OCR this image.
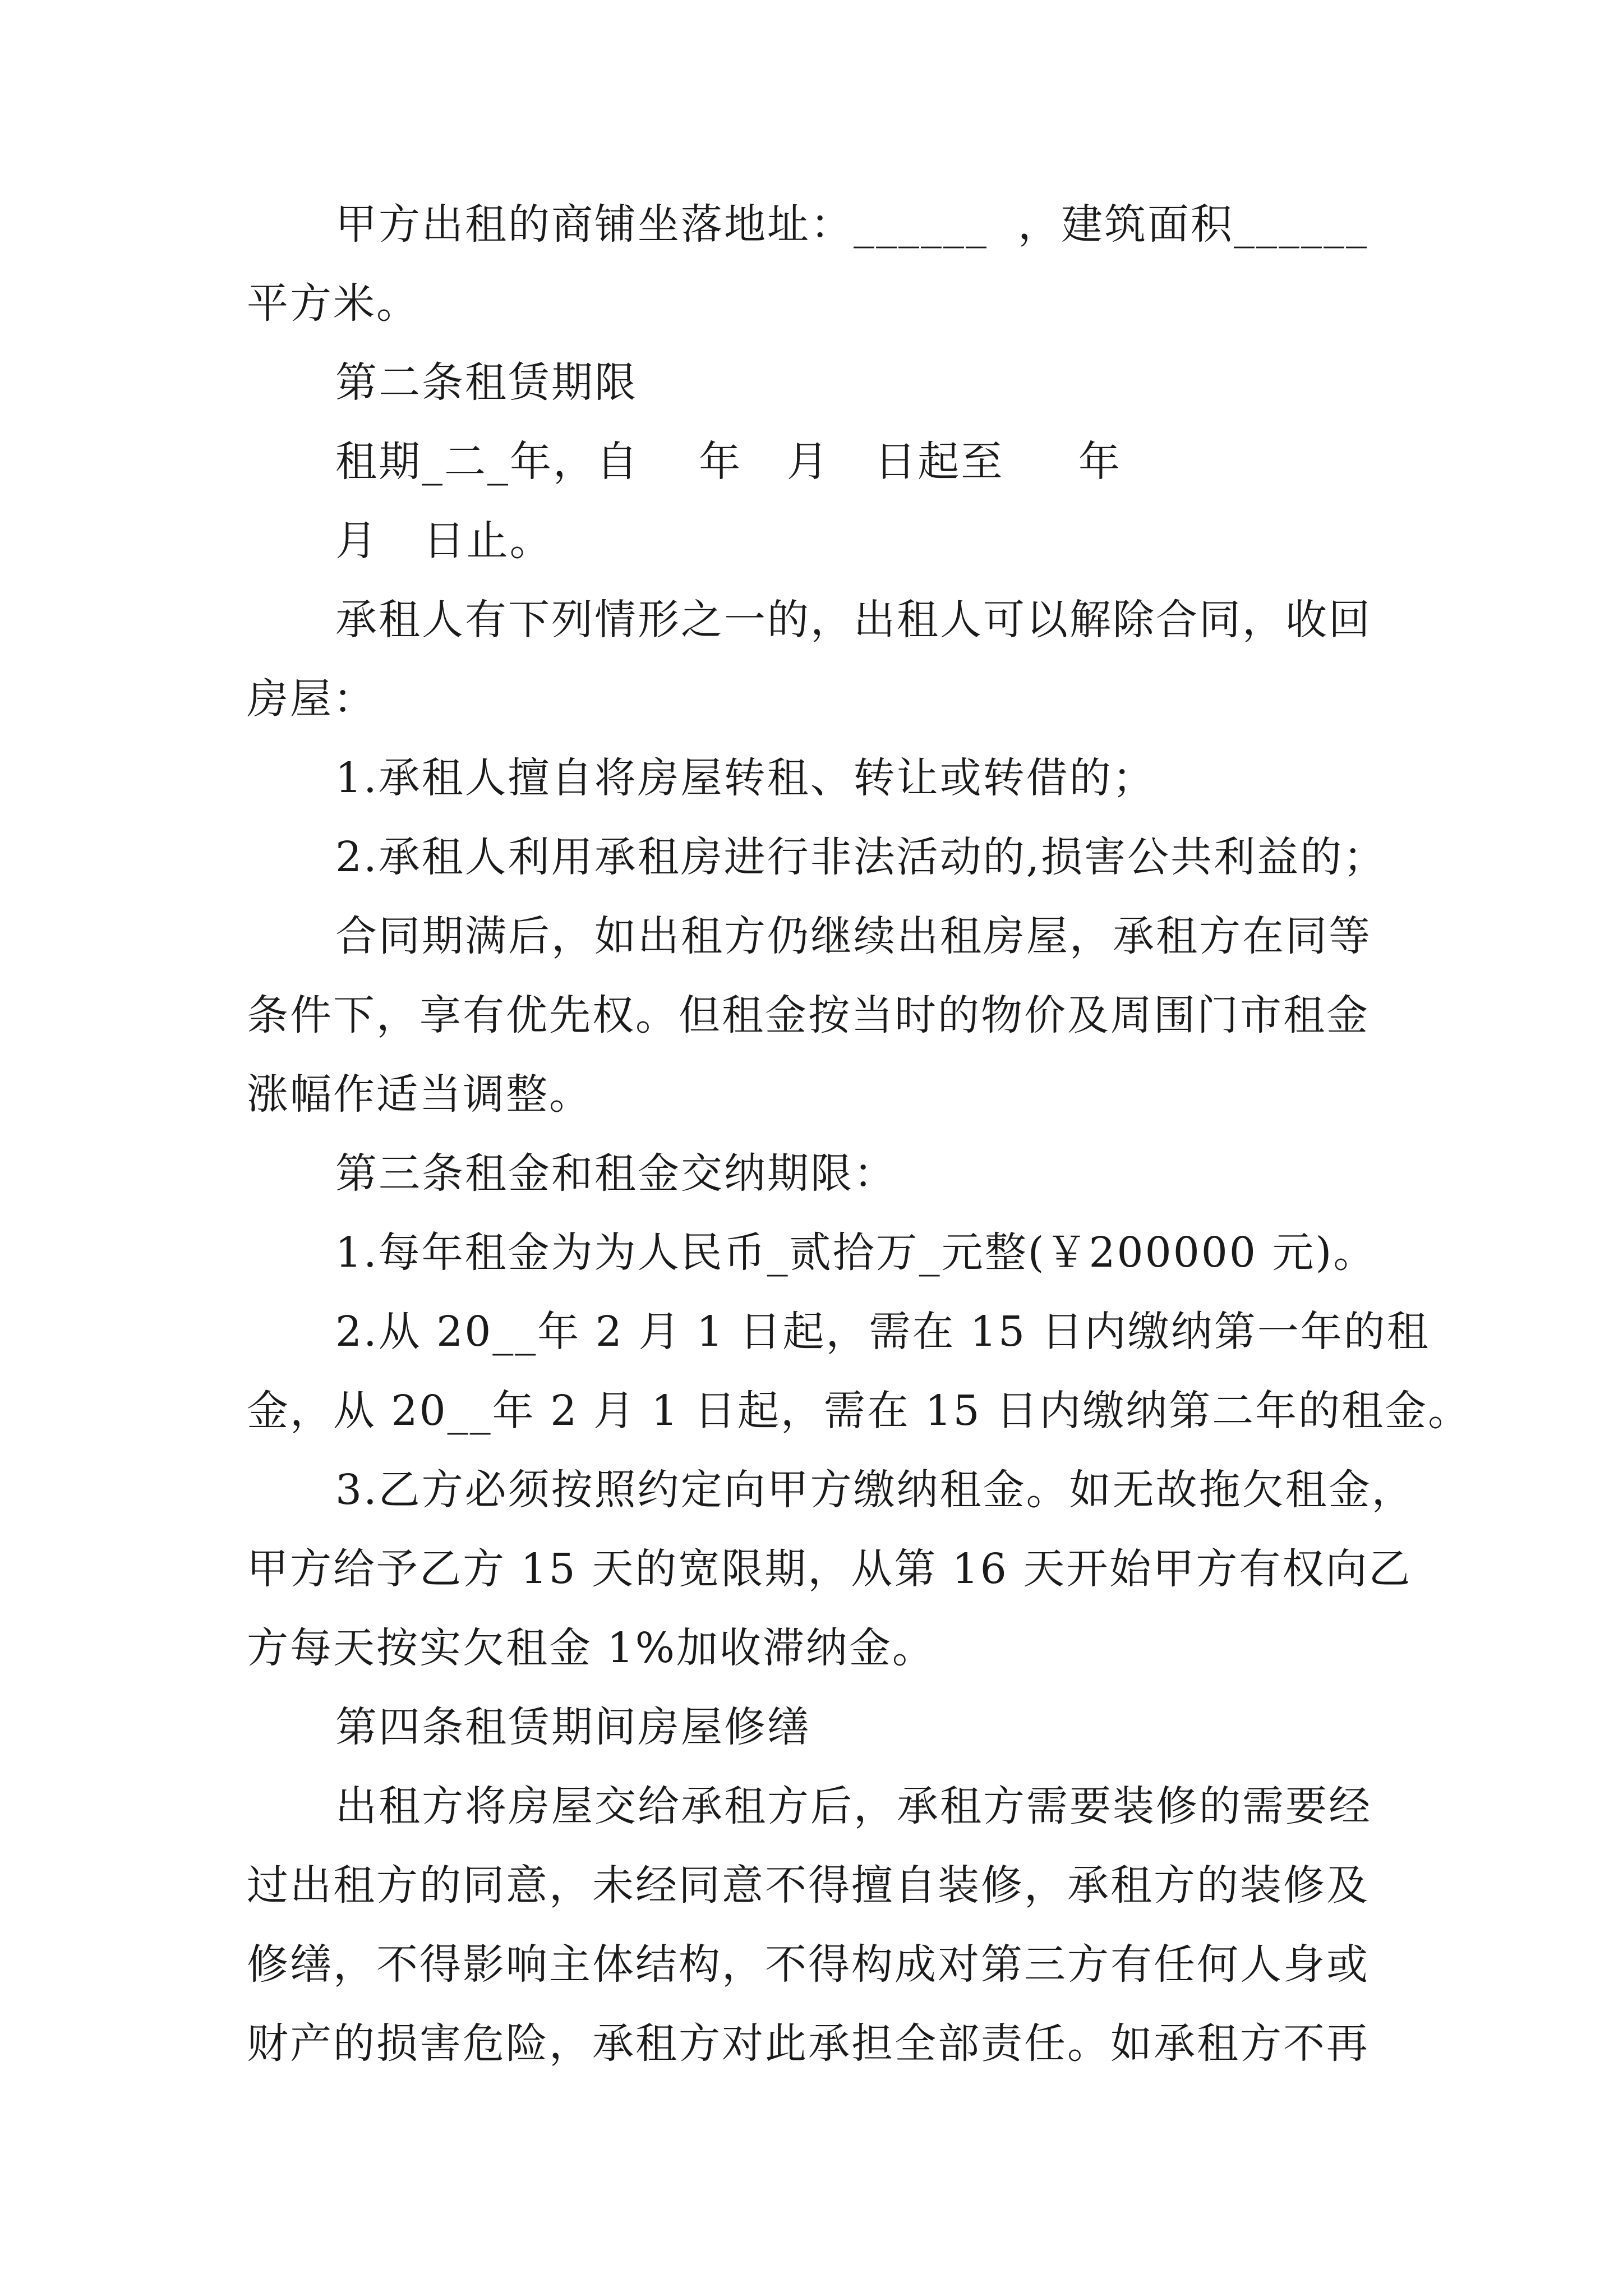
甲方出租的商铺坐落地址：______  ，建筑面积______
平方米。
第二条租赁期限
租期_二_年，自    年   月   日起至     年
月   日止。
承租人有下列情形之一的，出租人可以解除合同，收回
房屋：
1.承租人擅自将房屋转租、转让或转借的；
2.承租人利用承租房进行非法活动的,损害公共利益的；
合同期满后，如出租方仍继续出租房屋，承租方在同等
条件下，享有优先权。但租金按当时的物价及周围门市租金
涨幅作适当调整。
第三条租金和租金交纳期限：
1.每年租金为为人民币_贰拾万_元整(￥200000 元)。
2.从 20__年 2 月 1 日起，需在 15 日内缴纳第一年的租
金，从 20__年 2 月 1 日起，需在 15 日内缴纳第二年的租金。
3.乙方必须按照约定向甲方缴纳租金。如无故拖欠租金，
甲方给予乙方 15 天的宽限期，从第 16 天开始甲方有权向乙
方每天按实欠租金 1%加收滞纳金。
第四条租赁期间房屋修缮
出租方将房屋交给承租方后，承租方需要装修的需要经
过出租方的同意，未经同意不得擅自装修，承租方的装修及
修缮，不得影响主体结构，不得构成对第三方有任何人身或
财产的损害危险，承租方对此承担全部责任。如承租方不再
